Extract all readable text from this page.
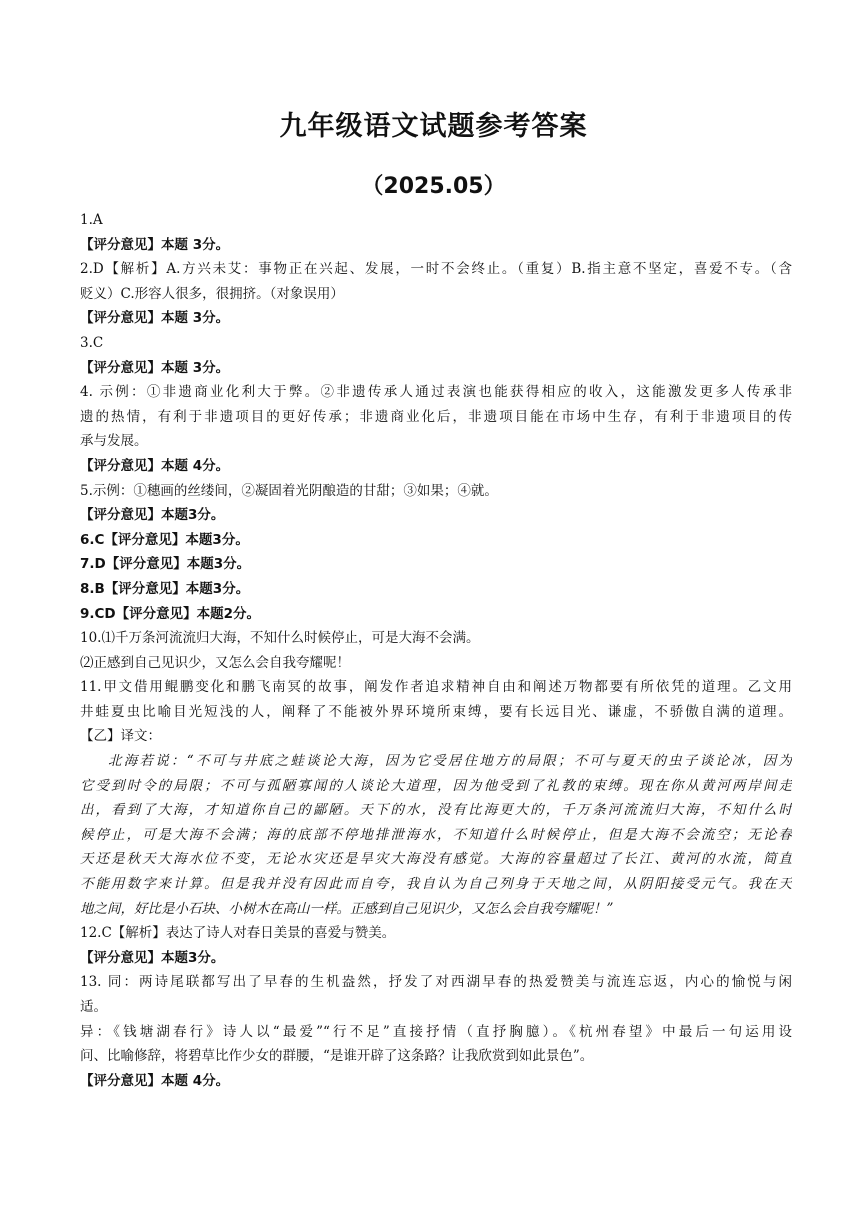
九年级语文试题参考答案
（2025.05）
1.A
【评分意见】本题 3分。
2.D【解析】A.方兴未艾：事物正在兴起、发展，一时不会终止。（重复）B.指主意不坚定，喜爱不专。（含
贬义）C.形容人很多，很拥挤。（对象误用）
【评分意见】本题 3分。
3.C
【评分意见】本题 3分。
4. 示例：①非遗商业化利大于弊。②非遗传承人通过表演也能获得相应的收入，这能激发更多人传承非
遗的热情，有利于非遗项目的更好传承；非遗商业化后，非遗项目能在市场中生存，有利于非遗项目的传
承与发展。
【评分意见】本题 4分。
5.示例：①穗画的丝缕间，②凝固着光阴酿造的甘甜；③如果；④就。
【评分意见】本题3分。
6.C【评分意见】本题3分。
7.D【评分意见】本题3分。
8.B【评分意见】本题3分。
9.CD【评分意见】本题2分。
10.⑴千万条河流流归大海，不知什么时候停止，可是大海不会满。
⑵正感到自己见识少，又怎么会自我夸耀呢！
11.甲文借用鲲鹏变化和鹏飞南冥的故事，阐发作者追求精神自由和阐述万物都要有所依凭的道理。乙文用
井蛙夏虫比喻目光短浅的人，阐释了不能被外界环境所束缚，要有长远目光、谦虚，不骄傲自满的道理。
【乙】译文：
北海若说：“不可与井底之蛙谈论大海，因为它受居住地方的局限；不可与夏天的虫子谈论冰，因为
它受到时令的局限；不可与孤陋寡闻的人谈论大道理，因为他受到了礼教的束缚。现在你从黄河两岸间走
出，看到了大海，才知道你自己的鄙陋。天下的水，没有比海更大的，千万条河流流归大海，不知什么时
候停止，可是大海不会满；海的底部不停地排泄海水，不知道什么时候停止，但是大海不会流空；无论春
天还是秋天大海水位不变，无论水灾还是旱灾大海没有感觉。大海的容量超过了长江、黄河的水流，简直
不能用数字来计算。但是我并没有因此而自夸，我自认为自己列身于天地之间，从阴阳接受元气。我在天
地之间，好比是小石块、小树木在高山一样。正感到自己见识少，又怎么会自我夸耀呢！”
12.C【解析】表达了诗人对春日美景的喜爱与赞美。
【评分意见】本题3分。
13. 同：两诗尾联都写出了早春的生机盎然，抒发了对西湖早春的热爱赞美与流连忘返，内心的愉悦与闲
适。
异：《钱塘湖春行》诗人以“最爱”“行不足”直接抒情（直抒胸臆）。《杭州春望》中最后一句运用设
问、比喻修辞，将碧草比作少女的群腰，“是谁开辟了这条路？让我欣赏到如此景色”。
【评分意见】本题 4分。
